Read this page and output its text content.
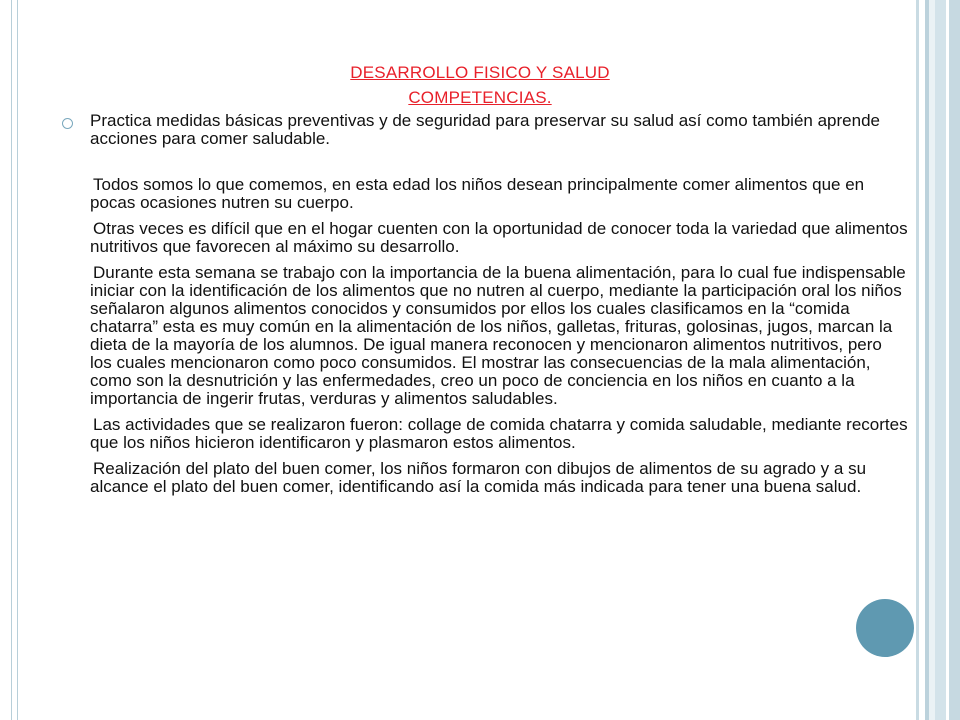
DESARROLLO FISICO Y SALUD
COMPETENCIAS.

Practica medidas básicas preventivas y de seguridad para preservar su salud así como también aprende acciones para comer saludable.

Todos somos lo que comemos, en esta edad los niños desean principalmente comer alimentos que en pocas ocasiones nutren su cuerpo.

Otras veces es difícil que en el hogar cuenten con la oportunidad de conocer toda la variedad que alimentos nutritivos que favorecen al máximo su desarrollo.

Durante esta semana se trabajo con la importancia de la buena alimentación, para lo cual fue indispensable iniciar con la identificación de los alimentos que no nutren al cuerpo, mediante la participación oral los niños señalaron algunos alimentos conocidos y consumidos por ellos los cuales clasificamos en la “comida chatarra” esta es muy común en la alimentación de los niños, galletas, frituras, golosinas, jugos, marcan la dieta de la mayoría de los alumnos. De igual manera reconocen y mencionaron alimentos nutritivos, pero los cuales mencionaron como poco consumidos. El mostrar las consecuencias de la mala alimentación, como son la desnutrición y las enfermedades, creo un poco de conciencia en los niños en cuanto a la importancia de ingerir frutas, verduras y alimentos saludables.

Las actividades que se realizaron fueron: collage de comida chatarra y comida saludable, mediante recortes que los niños hicieron identificaron y plasmaron estos alimentos.

Realización del plato del buen comer, los niños formaron con dibujos de alimentos de su agrado y a su alcance el plato del buen comer, identificando así la comida más indicada para tener una buena salud.
